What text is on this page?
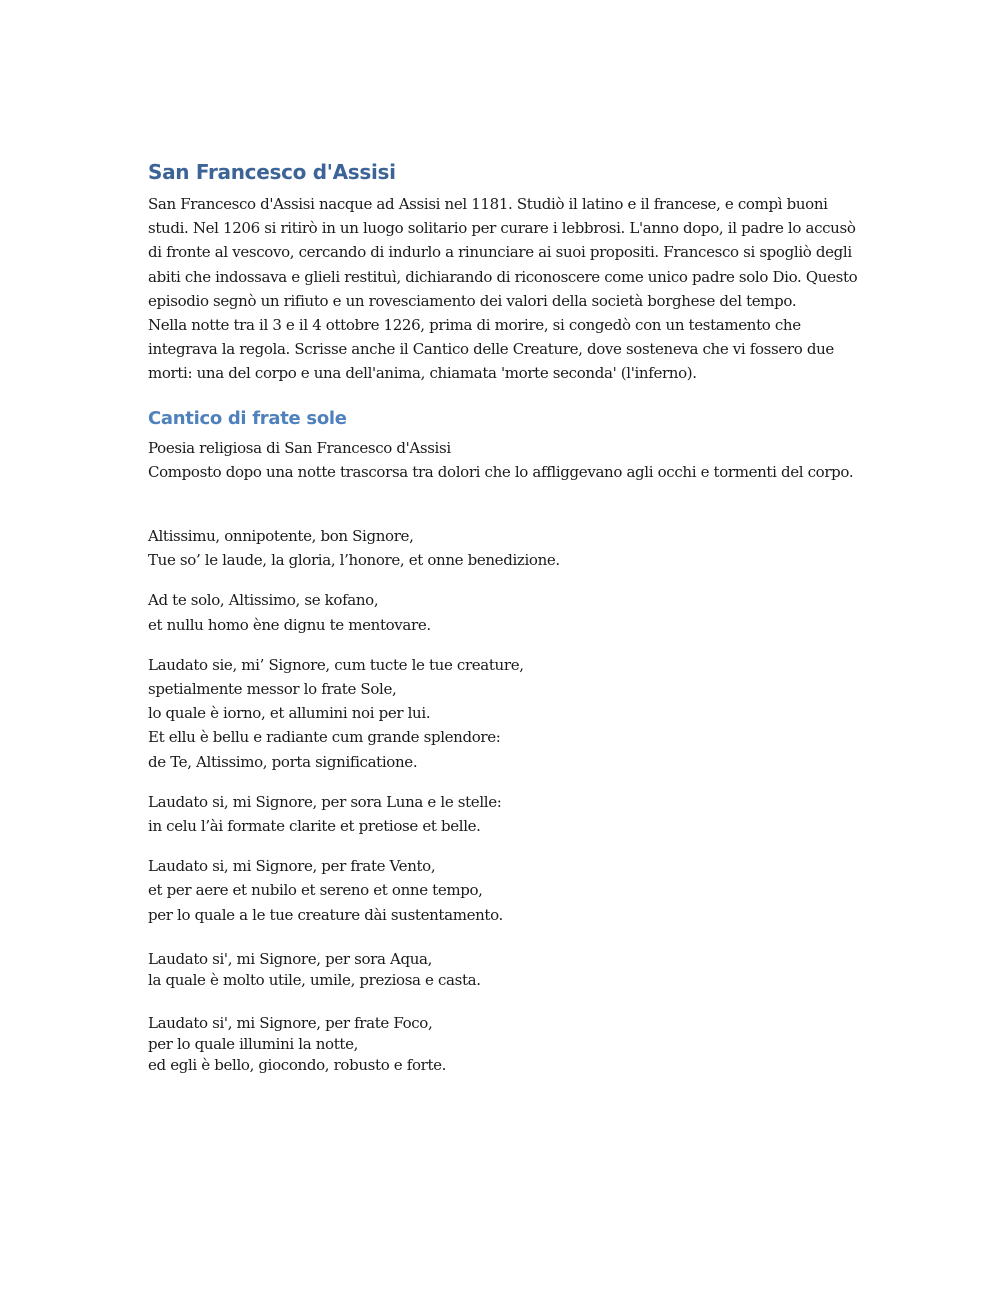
San Francesco d'Assisi

San Francesco d'Assisi nacque ad Assisi nel 1181. Studiò il latino e il francese, e compì buoni studi. Nel 1206 si ritirò in un luogo solitario per curare i lebbrosi. L'anno dopo, il padre lo accusò di fronte al vescovo, cercando di indurlo a rinunciare ai suoi propositi. Francesco si spogliò degli abiti che indossava e glieli restituì, dichiarando di riconoscere come unico padre solo Dio. Questo episodio segnò un rifiuto e un rovesciamento dei valori della società borghese del tempo.

Nella notte tra il 3 e il 4 ottobre 1226, prima di morire, si congedò con un testamento che integrava la regola. Scrisse anche il Cantico delle Creature, dove sosteneva che vi fossero due morti: una del corpo e una dell'anima, chiamata 'morte seconda' (l'inferno).

Cantico di frate sole

Poesia religiosa di San Francesco d'Assisi

Composto dopo una notte trascorsa tra dolori che lo affliggevano agli occhi e tormenti del corpo.

Altissimu, onnipotente, bon Signore,
Tue so’ le laude, la gloria, l’honore, et onne benedizione.
Ad te solo, Altissimo, se kofano,
et nullu homo ène dignu te mentovare.
Laudato sie, mi’ Signore, cum tucte le tue creature,
spetialmente messor lo frate Sole,
lo quale è iorno, et allumini noi per lui.
Et ellu è bellu e radiante cum grande splendore:
de Te, Altissimo, porta significatione.
Laudato si, mi Signore, per sora Luna e le stelle:
in celu l’ài formate clarite et pretiose et belle.
Laudato si, mi Signore, per frate Vento,
et per aere et nubilo et sereno et onne tempo,
per lo quale a le tue creature dài sustentamento.
Laudato si', mi Signore, per sora Aqua,
la quale è molto utile, umile, preziosa e casta.
Laudato si', mi Signore, per frate Foco,
per lo quale illumini la notte,
ed egli è bello, giocondo, robusto e forte.
